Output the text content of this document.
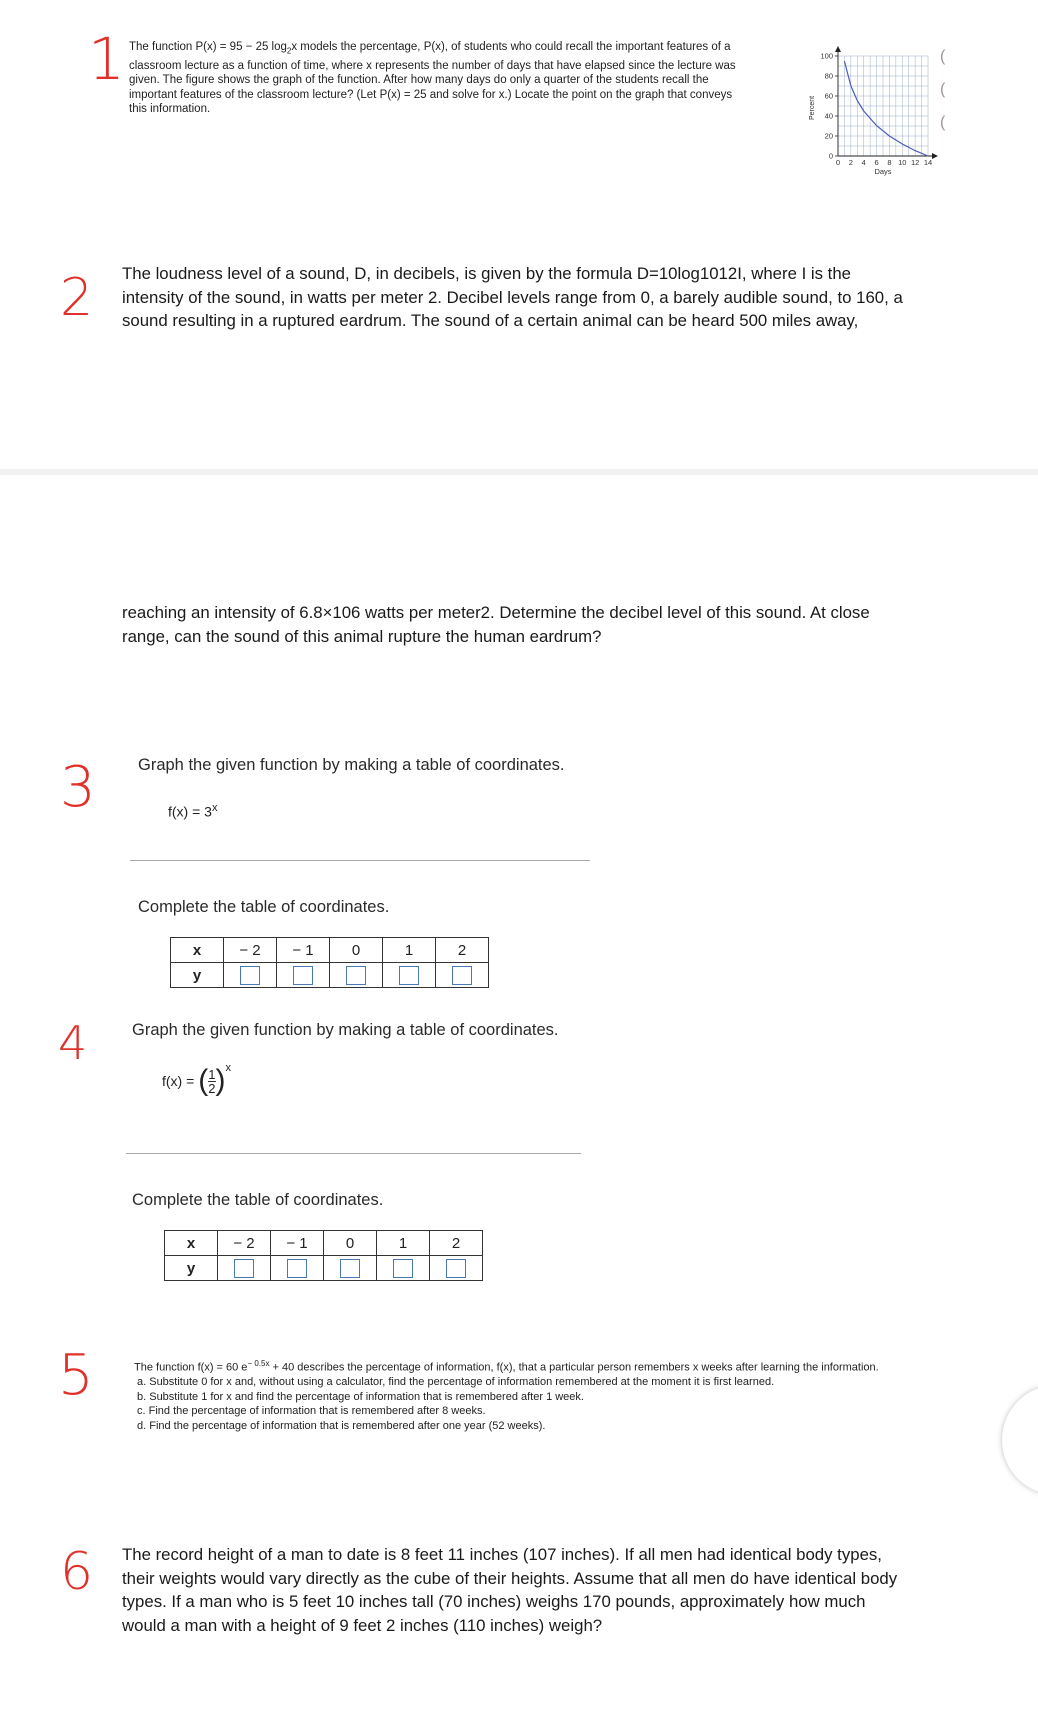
1 The function P(x) = 95 − 25 $\log_2x$ models the percentage, P(x), of students who could recall the important features of a
classroom lecture as a function of time, where x represents the number of days that have elapsed since the lecture was
given. The figure shows the graph of the function. After how many days do only a quarter of the students recall the
important features of the classroom lecture? (Let P(x) = 25 and solve for x.) Locate the point on the graph that conveys
this information.
100
80
60
40
20
0
0 2 4 6 8 10 12 14
Percent
Days
(
(
(
2 The loudness level of a sound, D, in decibels, is given by the formula D=10log1012I, where I is the
intensity of the sound, in watts per meter 2. Decibel levels range from 0, a barely audible sound, to 160, a
sound resulting in a ruptured eardrum. The sound of a certain animal can be heard 500 miles away,
reaching an intensity of 6.8×106 watts per meter2. Determine the decibel level of this sound. At close
range, can the sound of this animal rupture the human eardrum?
3	Graph the given function by making a table of coordinates.
$f(x) = 3^x$
Complete the table of coordinates.
x	− 2	− 1	0	1	2
y					
4	Graph the given function by making a table of coordinates.
f(x) = ( $\frac{1}{2}$ ) x
Complete the table of coordinates.
x	− 2	− 1	0	1	2
y					
5	The function f(x) = 60 $e^{- 0.5x} + 40$ describes the percentage of information, f(x), that a particular person remembers x weeks after learning the information.
a. Substitute 0 for x and, without using a calculator, find the percentage of information remembered at the moment it is first learned.
b. Substitute 1 for x and find the percentage of information that is remembered after 1 week.
c. Find the percentage of information that is remembered after 8 weeks.
d. Find the percentage of information that is remembered after one year (52 weeks).
6 The record height of a man to date is 8 feet 11 inches (107 inches). If all men had identical body types,
their weights would vary directly as the cube of their heights. Assume that all men do have identical body
types. If a man who is 5 feet 10 inches tall (70 inches) weighs 170 pounds, approximately how much
would a man with a height of 9 feet 2 inches (110 inches) weigh?
